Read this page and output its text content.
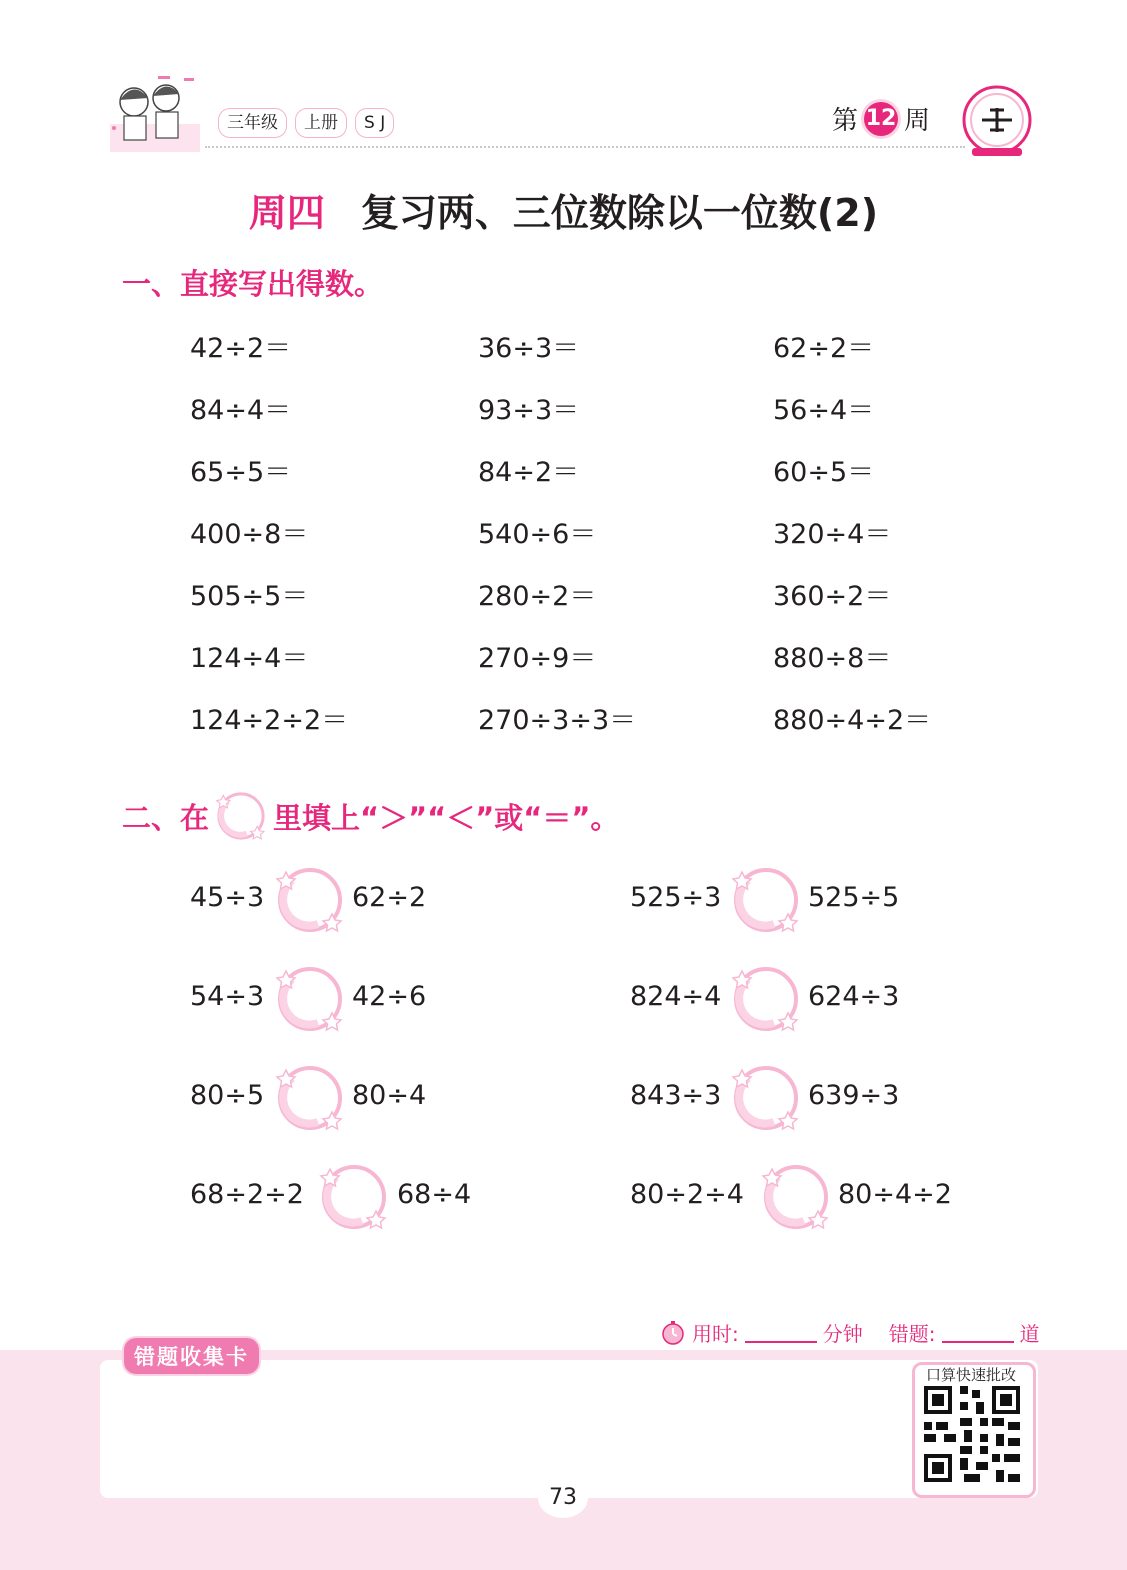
三年级	上册	S J	第 12 周
周四 复习两、三位数除以一位数(2)
一、直接写出得数。
42÷2＝	36÷3＝	62÷2＝
84÷4＝	93÷3＝	56÷4＝
65÷5＝	84÷2＝	60÷5＝
400÷8＝	540÷6＝	320÷4＝
505÷5＝	280÷2＝	360÷2＝
124÷4＝	270÷9＝	880÷8＝
124÷2÷2＝	270÷3÷3＝	880÷4÷2＝
二、在 里填上“＞”“＜”或“＝”。
45÷3	62÷2	525÷3	525÷5
54÷3	42÷6	824÷4	624÷3
80÷5	80÷4	843÷3	639÷3
68÷2÷2	68÷4	80÷2÷4	80÷4÷2
用时:	分钟 错题:	道
错题收集卡
口算快速批改
73
